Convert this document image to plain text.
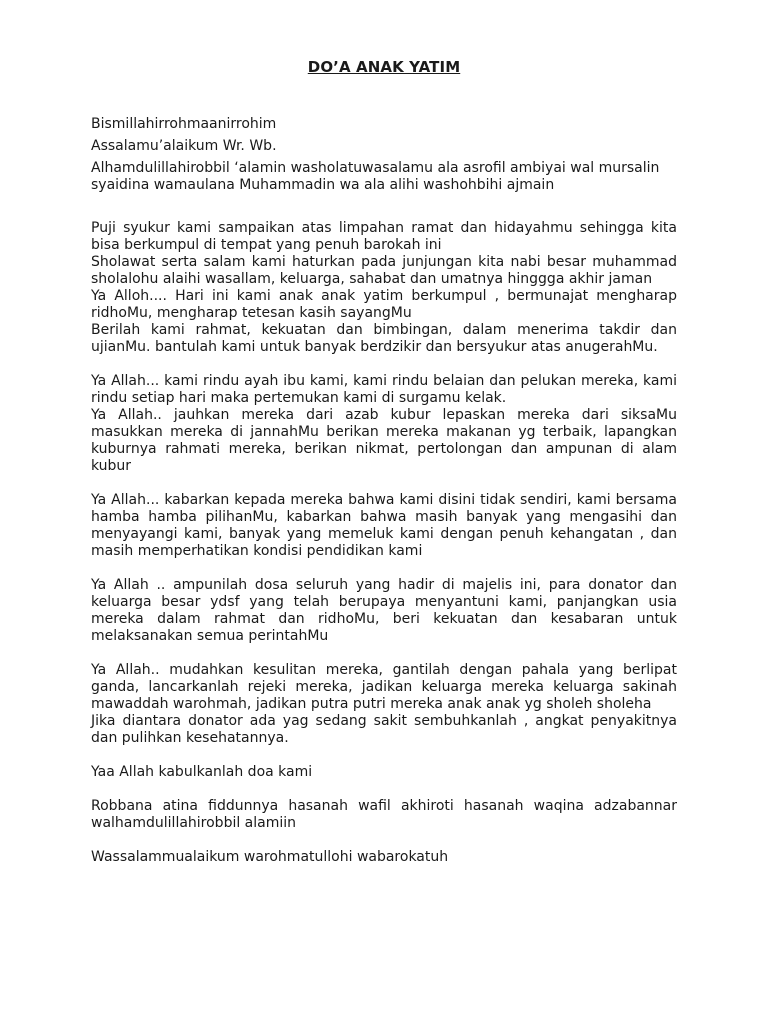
DO’A ANAK YATIM

Bismillahirrohmaanirrohim

Assalamu’alaikum Wr. Wb.

Alhamdulillahirobbil ‘alamin washolatuwasalamu ala asrofil ambiyai wal mursalin syaidina wamaulana Muhammadin wa ala alihi washohbihi ajmain

Puji syukur kami sampaikan atas limpahan ramat dan hidayahmu sehingga kita bisa berkumpul di tempat yang penuh barokah ini
Sholawat serta salam kami haturkan pada junjungan kita nabi besar muhammad sholalohu alaihi wasallam, keluarga, sahabat dan umatnya hinggga akhir jaman
Ya Alloh.... Hari ini kami anak anak yatim berkumpul , bermunajat mengharap ridhoMu, mengharap tetesan kasih sayangMu
Berilah kami rahmat, kekuatan dan bimbingan, dalam menerima takdir dan ujianMu. bantulah kami untuk banyak berdzikir dan bersyukur atas anugerahMu.

Ya Allah... kami rindu ayah ibu kami, kami rindu belaian dan pelukan mereka, kami rindu setiap hari maka pertemukan kami di surgamu kelak.
Ya Allah.. jauhkan mereka dari azab kubur lepaskan mereka dari siksaMu masukkan mereka di jannahMu berikan mereka makanan yg terbaik, lapangkan kuburnya rahmati mereka, berikan nikmat, pertolongan dan ampunan di alam kubur

Ya Allah... kabarkan kepada mereka bahwa kami disini tidak sendiri, kami bersama hamba hamba pilihanMu, kabarkan bahwa masih banyak yang mengasihi dan menyayangi kami, banyak yang memeluk kami dengan penuh kehangatan , dan masih memperhatikan kondisi pendidikan kami

Ya Allah .. ampunilah dosa seluruh yang hadir di majelis ini, para donator dan keluarga besar ydsf yang telah berupaya menyantuni kami, panjangkan usia mereka dalam rahmat dan ridhoMu, beri kekuatan dan kesabaran untuk melaksanakan semua perintahMu

Ya Allah.. mudahkan kesulitan mereka, gantilah dengan pahala yang berlipat ganda, lancarkanlah rejeki mereka, jadikan keluarga mereka keluarga sakinah mawaddah warohmah, jadikan putra putri mereka anak anak yg sholeh sholeha
Jika diantara donator ada yag sedang sakit sembuhkanlah , angkat penyakitnya dan pulihkan kesehatannya.

Yaa Allah kabulkanlah doa kami

Robbana atina fiddunnya hasanah wafil akhiroti hasanah waqina adzabannar walhamdulillahirobbil alamiin

Wassalammualaikum warohmatullohi wabarokatuh
